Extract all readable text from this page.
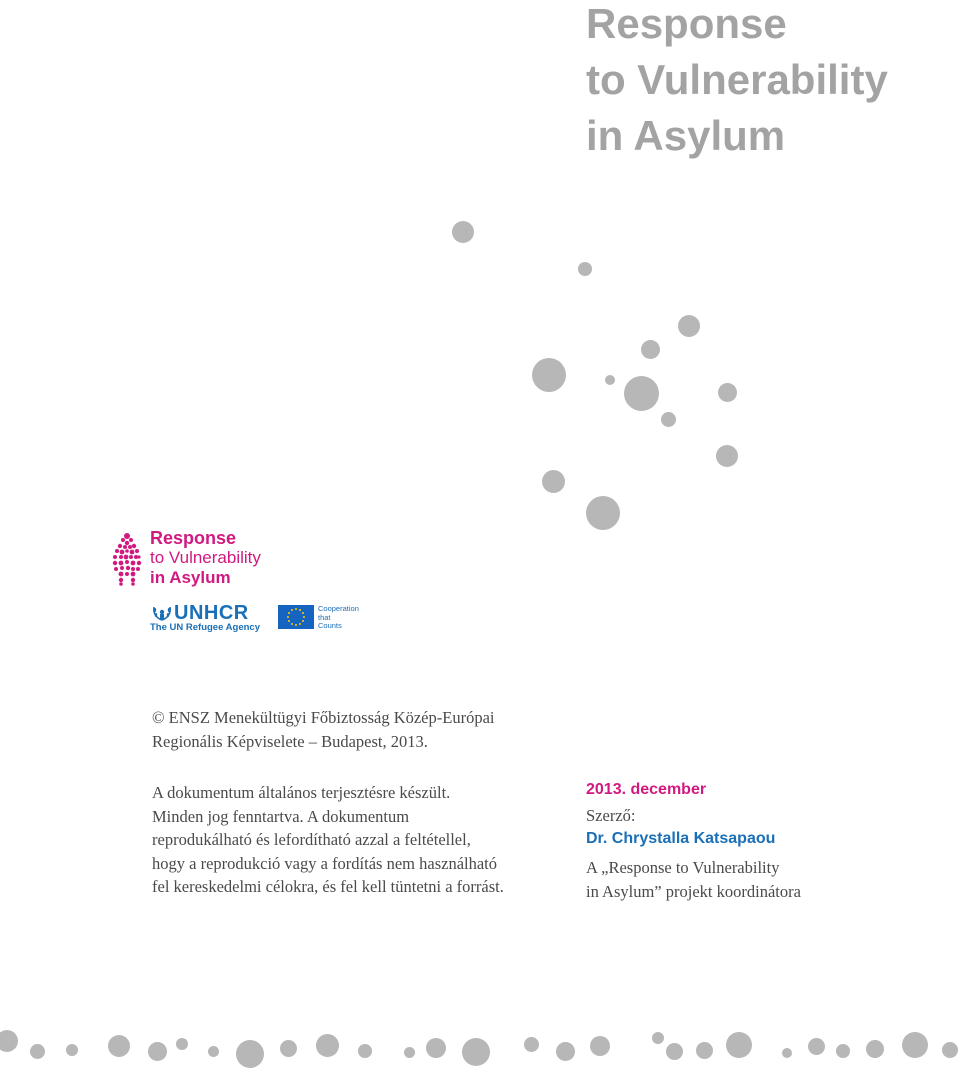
Response
to Vulnerability
in Asylum
Response
to Vulnerability
in Asylum
UNHCR
The UN Refugee Agency
Cooperation
that
Counts
© ENSZ Menekültügyi Főbiztosság Közép-Európai
Regionális Képviselete – Budapest, 2013.
A dokumentum általános terjesztésre készült.
Minden jog fenntartva. A dokumentum
reprodukálható és lefordítható azzal a feltétellel,
hogy a reprodukció vagy a fordítás nem használható
fel kereskedelmi célokra, és fel kell tüntetni a forrást.
2013. december
Szerző:
Dr. Chrystalla Katsapaou
A „Response to Vulnerability
in Asylum” projekt koordinátora
